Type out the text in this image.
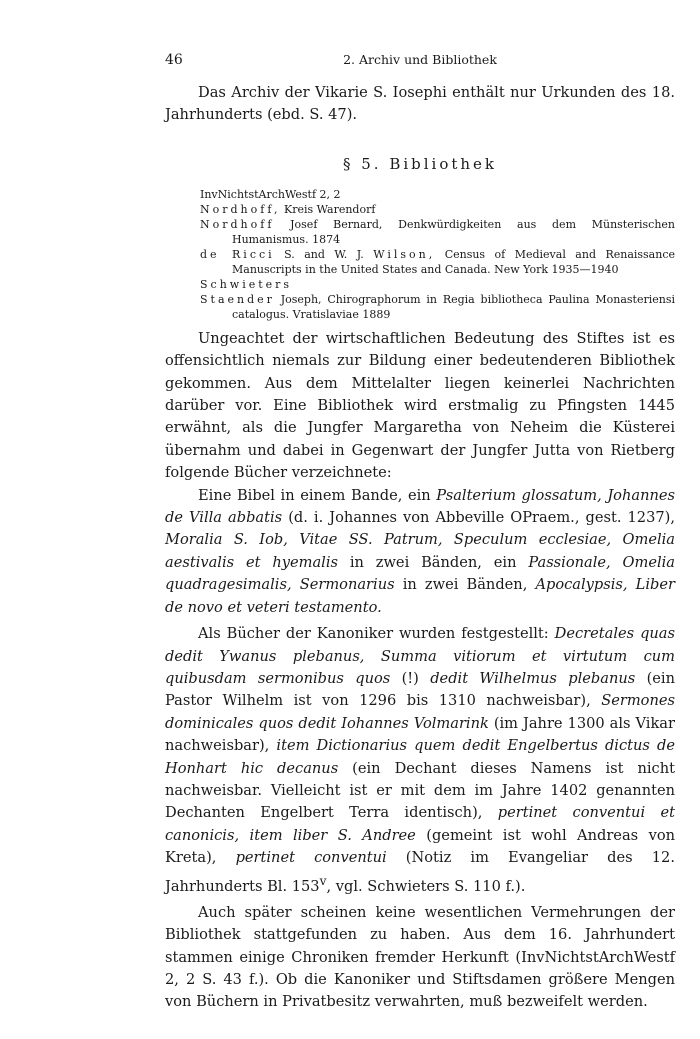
46	2. Archiv und Bibliothek

Das Archiv der Vikarie S. Iosephi enthält nur Urkunden des 18. Jahrhunderts (ebd. S. 47).

§ 5. Bibliothek
InvNichtstArchWestf 2, 2
Nordhoff, Kreis Warendorf
Nordhoff Josef Bernard, Denkwürdigkeiten aus dem Münsterischen Humanismus. 1874
de Ricci S. and W. J. Wilson, Census of Medieval and Renaissance Manuscripts in the United States and Canada. New York 1935—1940
Schwieters
Staender Joseph, Chirographorum in Regia bibliotheca Paulina Monasteriensi catalogus. Vratislaviae 1889

Ungeachtet der wirtschaftlichen Bedeutung des Stiftes ist es offensichtlich niemals zur Bildung einer bedeutenderen Bibliothek gekommen. Aus dem Mittelalter liegen keinerlei Nachrichten darüber vor. Eine Bibliothek wird erstmalig zu Pfingsten 1445 erwähnt, als die Jungfer Margaretha von Neheim die Küsterei übernahm und dabei in Gegenwart der Jungfer Jutta von Rietberg folgende Bücher verzeichnete:

Eine Bibel in einem Bande, ein Psalterium glossatum, Johannes de Villa abbatis (d. i. Johannes von Abbeville OPraem., gest. 1237), Moralia S. Iob, Vitae SS. Patrum, Speculum ecclesiae, Omelia aestivalis et hyemalis in zwei Bänden, ein Passionale, Omelia quadragesimalis, Sermonarius in zwei Bänden, Apocalypsis, Liber de novo et veteri testamento.

Als Bücher der Kanoniker wurden festgestellt: Decretales quas dedit Ywanus plebanus, Summa vitiorum et virtutum cum quibusdam sermonibus quos (!) dedit Wilhelmus plebanus (ein Pastor Wilhelm ist von 1296 bis 1310 nachweisbar), Sermones dominicales quos dedit Iohannes Volmarink (im Jahre 1300 als Vikar nachweisbar), item Dictionarius quem dedit Engelbertus dictus de Honhart hic decanus (ein Dechant dieses Namens ist nicht nachweisbar. Vielleicht ist er mit dem im Jahre 1402 genannten Dechanten Engelbert Terra identisch), pertinet conventui et canonicis, item liber S. Andree (gemeint ist wohl Andreas von Kreta), pertinet conventui (Notiz im Evangeliar des 12. Jahrhunderts Bl. 153$^v$, vgl. Schwieters S. 110 f.).

Auch später scheinen keine wesentlichen Vermehrungen der Bibliothek stattgefunden zu haben. Aus dem 16. Jahrhundert stammen einige Chroniken fremder Herkunft (InvNichtstArchWestf 2, 2 S. 43 f.). Ob die Kanoniker und Stiftsdamen größere Mengen von Büchern in Privatbesitz verwahrten, muß bezweifelt werden.
